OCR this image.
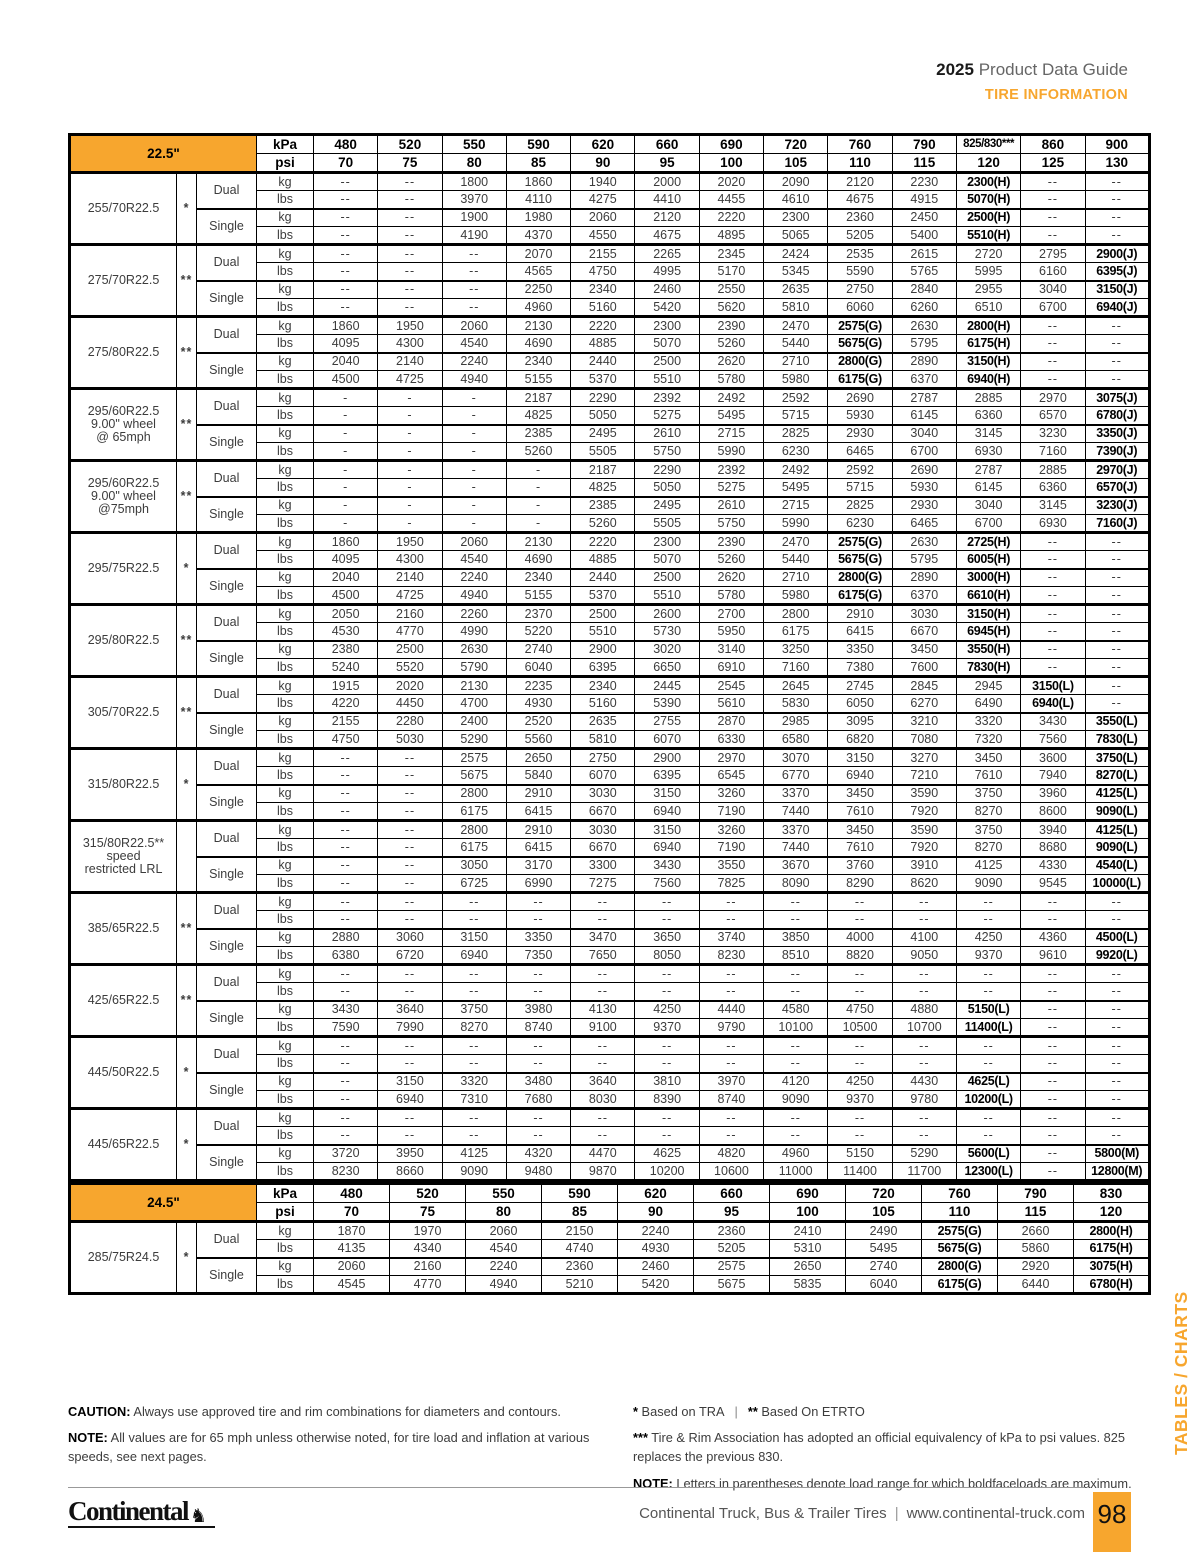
2025 Product Data Guide
TIRE INFORMATION
22.5"			kPa	480	520	550	590	620	660	690	720	760	790	825/830***	860	900
			psi	70	75	80	85	90	95	100	105	110	115	120	125	130

255/70R22.5	*	Dual	kg	--	--	1800	1860	1940	2000	2020	2090	2120	2230	2300(H)	--	--
			lbs	--	--	3970	4110	4275	4410	4455	4610	4675	4915	5070(H)	--	--
		Single	kg	--	--	1900	1980	2060	2120	2220	2300	2360	2450	2500(H)	--	--
			lbs	--	--	4190	4370	4550	4675	4895	5065	5205	5400	5510(H)	--	--

275/70R22.5	**	Dual	kg	--	--	--	2070	2155	2265	2345	2424	2535	2615	2720	2795	2900(J)
			lbs	--	--	--	4565	4750	4995	5170	5345	5590	5765	5995	6160	6395(J)
		Single	kg	--	--	--	2250	2340	2460	2550	2635	2750	2840	2955	3040	3150(J)
			lbs	--	--	--	4960	5160	5420	5620	5810	6060	6260	6510	6700	6940(J)

275/80R22.5	**	Dual	kg	1860	1950	2060	2130	2220	2300	2390	2470	2575(G)	2630	2800(H)	--	--
			lbs	4095	4300	4540	4690	4885	5070	5260	5440	5675(G)	5795	6175(H)	--	--
		Single	kg	2040	2140	2240	2340	2440	2500	2620	2710	2800(G)	2890	3150(H)	--	--
			lbs	4500	4725	4940	5155	5370	5510	5780	5980	6175(G)	6370	6940(H)	--	--

295/60R22.5
9.00" wheel
@ 65mph	**	Dual	kg	-	-	-	2187	2290	2392	2492	2592	2690	2787	2885	2970	3075(J)
			lbs	-	-	-	4825	5050	5275	5495	5715	5930	6145	6360	6570	6780(J)
		Single	kg	-	-	-	2385	2495	2610	2715	2825	2930	3040	3145	3230	3350(J)
			lbs	-	-	-	5260	5505	5750	5990	6230	6465	6700	6930	7160	7390(J)

295/60R22.5
9.00" wheel
@75mph	**	Dual	kg	-	-	-	-	2187	2290	2392	2492	2592	2690	2787	2885	2970(J)
			lbs	-	-	-	-	4825	5050	5275	5495	5715	5930	6145	6360	6570(J)
		Single	kg	-	-	-	-	2385	2495	2610	2715	2825	2930	3040	3145	3230(J)
			lbs	-	-	-	-	5260	5505	5750	5990	6230	6465	6700	6930	7160(J)

295/75R22.5	*	Dual	kg	1860	1950	2060	2130	2220	2300	2390	2470	2575(G)	2630	2725(H)	--	--
			lbs	4095	4300	4540	4690	4885	5070	5260	5440	5675(G)	5795	6005(H)	--	--
		Single	kg	2040	2140	2240	2340	2440	2500	2620	2710	2800(G)	2890	3000(H)	--	--
			lbs	4500	4725	4940	5155	5370	5510	5780	5980	6175(G)	6370	6610(H)	--	--

295/80R22.5	**	Dual	kg	2050	2160	2260	2370	2500	2600	2700	2800	2910	3030	3150(H)	--	--
			lbs	4530	4770	4990	5220	5510	5730	5950	6175	6415	6670	6945(H)	--	--
		Single	kg	2380	2500	2630	2740	2900	3020	3140	3250	3350	3450	3550(H)	--	--
			lbs	5240	5520	5790	6040	6395	6650	6910	7160	7380	7600	7830(H)	--	--

305/70R22.5	**	Dual	kg	1915	2020	2130	2235	2340	2445	2545	2645	2745	2845	2945	3150(L)	--
			lbs	4220	4450	4700	4930	5160	5390	5610	5830	6050	6270	6490	6940(L)	--
		Single	kg	2155	2280	2400	2520	2635	2755	2870	2985	3095	3210	3320	3430	3550(L)
			lbs	4750	5030	5290	5560	5810	6070	6330	6580	6820	7080	7320	7560	7830(L)

315/80R22.5	*	Dual	kg	--	--	2575	2650	2750	2900	2970	3070	3150	3270	3450	3600	3750(L)
			lbs	--	--	5675	5840	6070	6395	6545	6770	6940	7210	7610	7940	8270(L)
		Single	kg	--	--	2800	2910	3030	3150	3260	3370	3450	3590	3750	3960	4125(L)
			lbs	--	--	6175	6415	6670	6940	7190	7440	7610	7920	8270	8600	9090(L)

315/80R22.5**
speed
restricted LRL		Dual	kg	--	--	2800	2910	3030	3150	3260	3370	3450	3590	3750	3940	4125(L)
			lbs	--	--	6175	6415	6670	6940	7190	7440	7610	7920	8270	8680	9090(L)
		Single	kg	--	--	3050	3170	3300	3430	3550	3670	3760	3910	4125	4330	4540(L)
			lbs	--	--	6725	6990	7275	7560	7825	8090	8290	8620	9090	9545	10000(L)

385/65R22.5	**	Dual	kg	--	--	--	--	--	--	--	--	--	--	--	--	--
			lbs	--	--	--	--	--	--	--	--	--	--	--	--	--
		Single	kg	2880	3060	3150	3350	3470	3650	3740	3850	4000	4100	4250	4360	4500(L)
			lbs	6380	6720	6940	7350	7650	8050	8230	8510	8820	9050	9370	9610	9920(L)

425/65R22.5	**	Dual	kg	--	--	--	--	--	--	--	--	--	--	--	--	--
			lbs	--	--	--	--	--	--	--	--	--	--	--	--	--
		Single	kg	3430	3640	3750	3980	4130	4250	4440	4580	4750	4880	5150(L)	--	--
			lbs	7590	7990	8270	8740	9100	9370	9790	10100	10500	10700	11400(L)	--	--

445/50R22.5	*	Dual	kg	--	--	--	--	--	--	--	--	--	--	--	--	--
			lbs	--	--	--	--	--	--	--	--	--	--	--	--	--
		Single	kg	--	3150	3320	3480	3640	3810	3970	4120	4250	4430	4625(L)	--	--
			lbs	--	6940	7310	7680	8030	8390	8740	9090	9370	9780	10200(L)	--	--

445/65R22.5	*	Dual	kg	--	--	--	--	--	--	--	--	--	--	--	--	--
			lbs	--	--	--	--	--	--	--	--	--	--	--	--	--
		Single	kg	3720	3950	4125	4320	4470	4625	4820	4960	5150	5290	5600(L)	--	5800(M)
			lbs	8230	8660	9090	9480	9870	10200	10600	11000	11400	11700	12300(L)	--	12800(M)
24.5"			kPa	480	520	550	590	620	660	690	720	760	790	830
			psi	70	75	80	85	90	95	100	105	110	115	120

285/75R24.5	*	Dual	kg	1870	1970	2060	2150	2240	2360	2410	2490	2575(G)	2660	2800(H)
			lbs	4135	4340	4540	4740	4930	5205	5310	5495	5675(G)	5860	6175(H)
		Single	kg	2060	2160	2240	2360	2460	2575	2650	2740	2800(G)	2920	3075(H)
			lbs	4545	4770	4940	5210	5420	5675	5835	6040	6175(G)	6440	6780(H)

CAUTION: Always use approved tire and rim combinations for diameters and contours.

NOTE: All values are for 65 mph unless otherwise noted, for tire load and inflation at various speeds, see next pages.

* Based on TRA | ** Based On ETRTO

*** Tire & Rim Association has adopted an official equivalency of kPa to psi values. 825 replaces the previous 830.

NOTE: Letters in parentheses denote load range for which boldfaceloads are maximum.

Continental ♞	Continental Truck, Bus & Trailer Tires | www.continental-truck.com 98
TABLES / CHARTS
